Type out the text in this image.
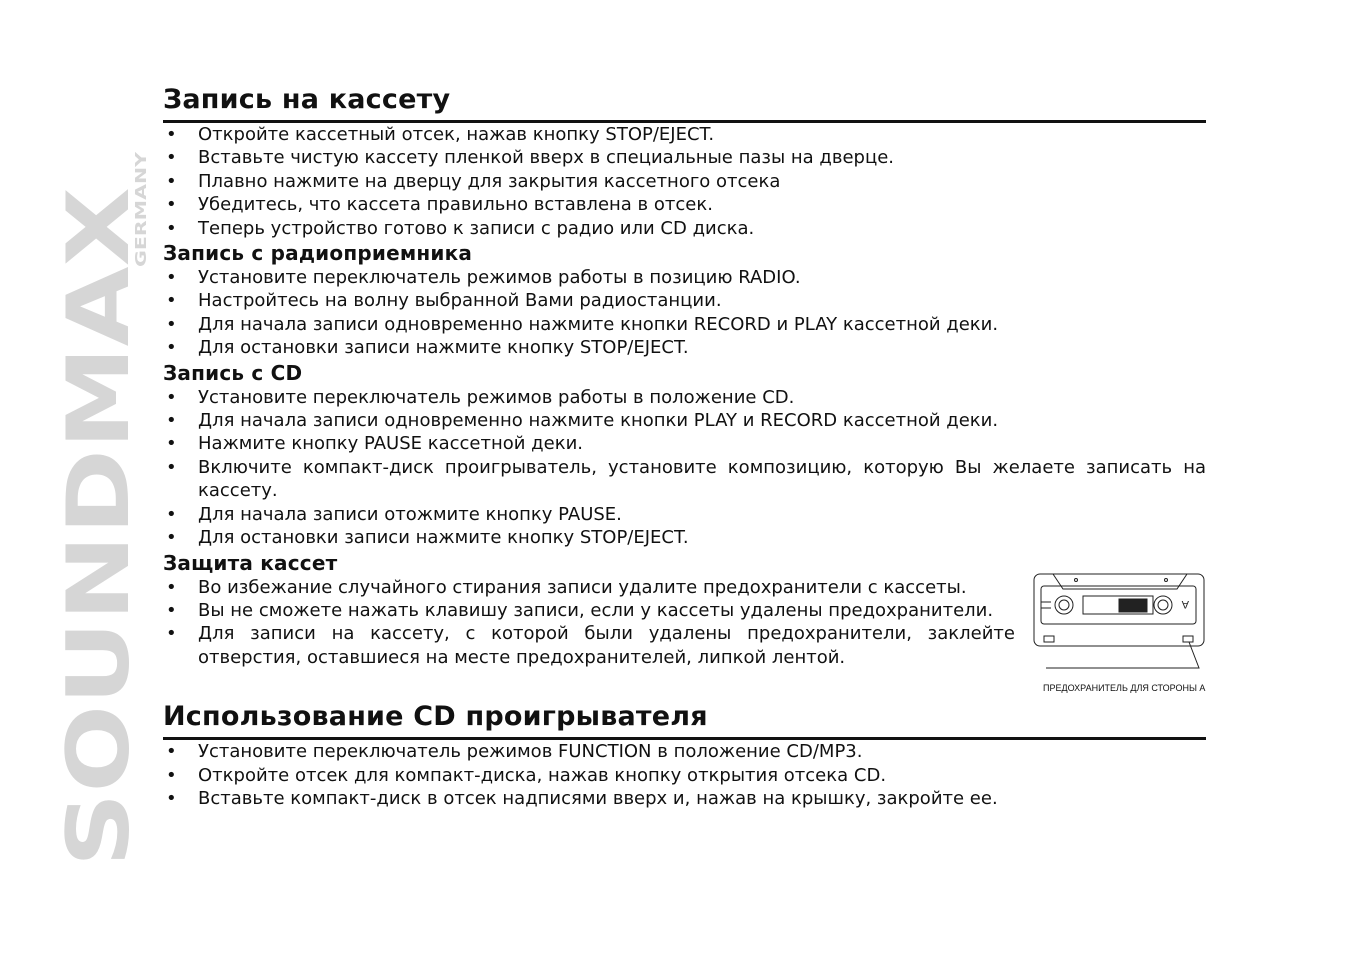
SOUNDMAX
GERMANY
Запись на кассету
• Откройте кассетный отсек, нажав кнопку STOP/EJECT.
• Вставьте чистую кассету пленкой вверх в специальные пазы на дверце.
• Плавно нажмите на дверцу для закрытия кассетного отсека
• Убедитесь, что кассета правильно вставлена в отсек.
• Теперь устройство готово к записи с радио или CD диска.
Запись с радиоприемника
• Установите переключатель режимов работы в позицию RADIO.
• Настройтесь на волну выбранной Вами радиостанции.
• Для начала записи одновременно нажмите кнопки RECORD и PLAY кассетной деки.
• Для остановки записи нажмите кнопку STOP/EJECT.
Запись с CD
• Установите переключатель режимов работы в положение CD.
• Для начала записи одновременно нажмите кнопки PLAY и RECORD кассетной деки.
• Нажмите кнопку PAUSE кассетной деки.
• Включите компакт-диск проигрыватель, установите композицию, которую Вы желаете записать на кассету.
• Для начала записи отожмите кнопку PAUSE.
• Для остановки записи нажмите кнопку STOP/EJECT.
Защита кассет
• Во избежание случайного стирания записи удалите предохранители с кассеты.
• Вы не сможете нажать клавишу записи, если у кассеты удалены предохранители.
• Для записи на кассету, с которой были удалены предохранители, заклейте отверстия, оставшиеся на месте предохранителей, липкой лентой.
A
ПРЕДОХРАНИТЕЛЬ ДЛЯ СТОРОНЫ А
Использование CD проигрывателя
• Установите переключатель режимов FUNCTION в положение CD/MP3.
• Откройте отсек для компакт-диска, нажав кнопку открытия отсека CD.
• Вставьте компакт-диск в отсек надписями вверх и, нажав на крышку, закройте ее.
